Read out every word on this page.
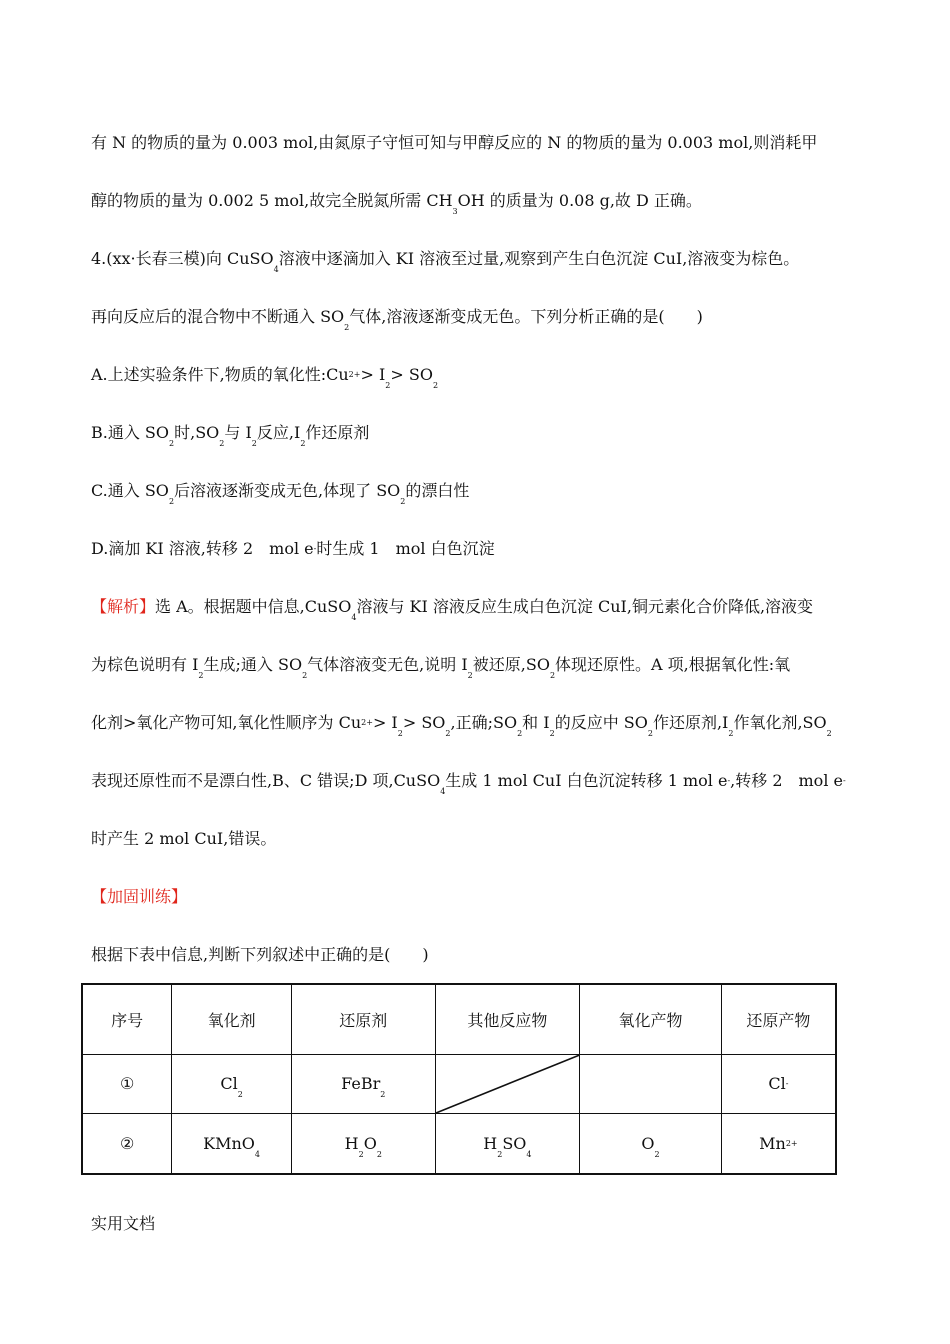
有 N 的物质的量为 0.003 mol,由氮原子守恒可知与甲醇反应的 N 的物质的量为 0.003 mol,则消耗甲
醇的物质的量为 0.002 5 mol,故完全脱氮所需 $CH_3OH$ 的质量为 0.08 g,故 D 正确。
4.(xx·长春三模)向 CuSO$_4$溶液中逐滴加入 KI 溶液至过量,观察到产生白色沉淀 CuI,溶液变为棕色。
再向反应后的混合物中不断通入 $SO_2$气体,溶液逐渐变成无色。下列分析正确的是(　　)
A.上述实验条件下,物质的氧化性:Cu2+> $I_2> SO_2$
B.通入 $SO_2$时$,SO_2$与 $I_2$反应$,I_2$作还原剂
C.通入 $SO_2$后溶液逐渐变成无色,体现了 $SO_2$的漂白性
D.滴加 KI 溶液,转移 2　mol e-时生成 1　mol 白色沉淀
【解析】选 A。根据题中信息,CuSO$_4$溶液与 KI 溶液反应生成白色沉淀 CuI,铜元素化合价降低,溶液变
为棕色说明有 $I_2$生成;通入 $SO_2$气体溶液变无色,说明 $I_2$被还原$,SO_2$体现还原性。A 项,根据氧化性:氧
化剂>氧化产物可知,氧化性顺序为 $Cu2+> I_2> SO_2$,正确$;SO_2$和 $I_2$的反应中 $SO_2$作还原剂$,I_2$作氧化剂$,SO_2$
表现还原性而不是漂白性,B、C 错误;D 项,CuSO$_4$生成 1 mol CuI 白色沉淀转移 1 mol e-,转移 2　mol e-
时产生 2 mol CuI,错误。
【加固训练】
根据下表中信息,判断下列叙述中正确的是(　　)
序号	氧化剂	还原剂	其他反应物	氧化产物	还原产物
①	$Cl_2$	FeBr$_2$			Cl-
②	KMnO$_4$	$H_2O_2$	$H_2SO_4$	$O_2$	Mn2+
实用文档
